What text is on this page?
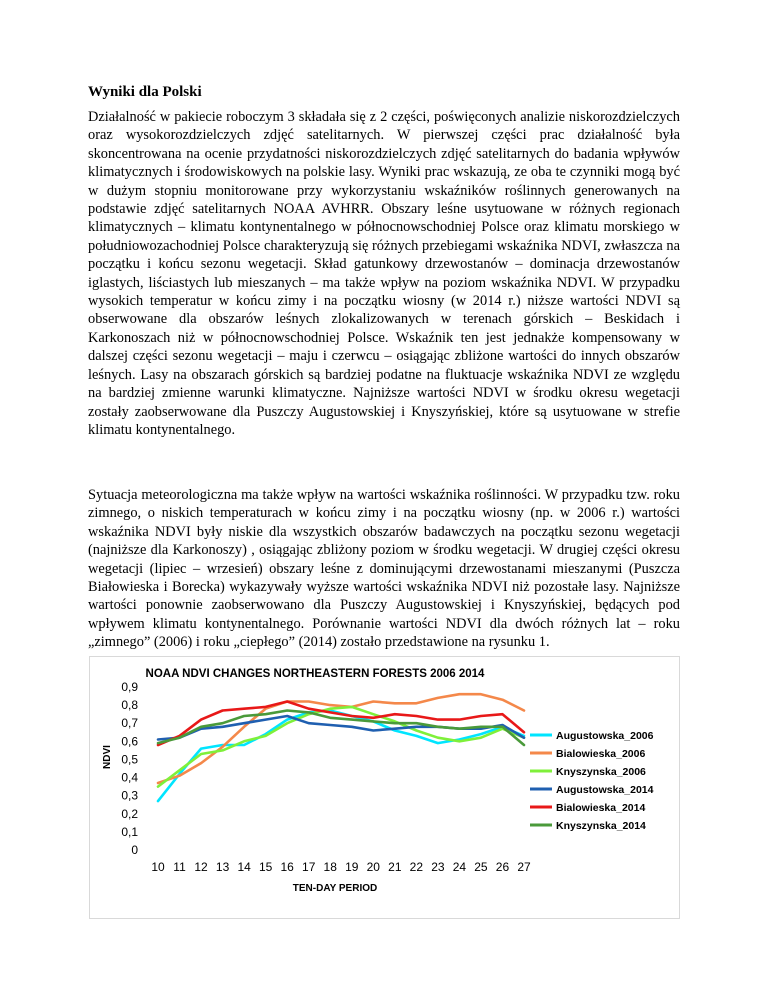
Wyniki dla Polski

Działalność w pakiecie roboczym 3 składała się z 2 części, poświęconych analizie niskorozdzielczych oraz wysokorozdzielczych zdjęć satelitarnych. W pierwszej części prac działalność była skoncentrowana na ocenie przydatności niskorozdzielczych zdjęć satelitarnych do badania wpływów klimatycznych i środowiskowych na polskie lasy. Wyniki prac wskazują, ze oba te czynniki mogą być w dużym stopniu monitorowane przy wykorzystaniu wskaźników roślinnych generowanych na podstawie zdjęć satelitarnych NOAA AVHRR. Obszary leśne usytuowane w różnych regionach klimatycznych – klimatu kontynentalnego w północnowschodniej Polsce oraz klimatu morskiego w południowozachodniej Polsce charakteryzują się różnych przebiegami wskaźnika NDVI, zwłaszcza na początku i końcu sezonu wegetacji. Skład gatunkowy drzewostanów – dominacja drzewostanów iglastych, liściastych lub mieszanych – ma także wpływ na poziom wskaźnika NDVI. W przypadku wysokich temperatur w końcu zimy i na początku wiosny (w 2014 r.) niższe wartości NDVI są obserwowane dla obszarów leśnych zlokalizowanych w terenach górskich – Beskidach i Karkonoszach niż w północnowschodniej Polsce. Wskaźnik ten jest jednakże kompensowany w dalszej części sezonu wegetacji – maju i czerwcu – osiągając zbliżone wartości do innych obszarów leśnych. Lasy na obszarach górskich są bardziej podatne na fluktuacje wskaźnika NDVI ze względu na bardziej zmienne warunki klimatyczne. Najniższe wartości NDVI w środku okresu wegetacji zostały zaobserwowane dla Puszczy Augustowskiej i Knyszyńskiej, które są usytuowane w strefie klimatu kontynentalnego.

Sytuacja meteorologiczna ma także wpływ na wartości wskaźnika roślinności. W przypadku tzw. roku zimnego, o niskich temperaturach w końcu zimy i na początku wiosny (np. w 2006 r.) wartości wskaźnika NDVI były niskie dla wszystkich obszarów badawczych na początku sezonu wegetacji (najniższe dla Karkonoszy) , osiągając zbliżony poziom w środku wegetacji. W drugiej części okresu wegetacji (lipiec – wrzesień) obszary leśne z dominującymi drzewostanami mieszanymi (Puszcza Białowieska i Borecka) wykazywały wyższe wartości wskaźnika NDVI niż pozostałe lasy. Najniższe wartości ponownie zaobserwowano dla Puszczy Augustowskiej i Knyszyńskiej, będących pod wpływem klimatu kontynentalnego. Porównanie wartości NDVI dla dwóch różnych lat – roku „zimnego” (2006) i roku „ciepłego” (2014) zostało przedstawione na rysunku 1.

NOAA NDVI CHANGES NORTHEASTERN FORESTS 2006 2014
NDVI
TEN-DAY PERIOD
0
0,1
0,2
0,3
0,4
0,5
0,6
0,7
0,8
0,9
10 11 12 13 14 15 16 17 18 19 20 21 22 23 24 25 26 27
Augustowska_2006
Bialowieska_2006
Knyszynska_2006
Augustowska_2014
Bialowieska_2014
Knyszynska_2014
